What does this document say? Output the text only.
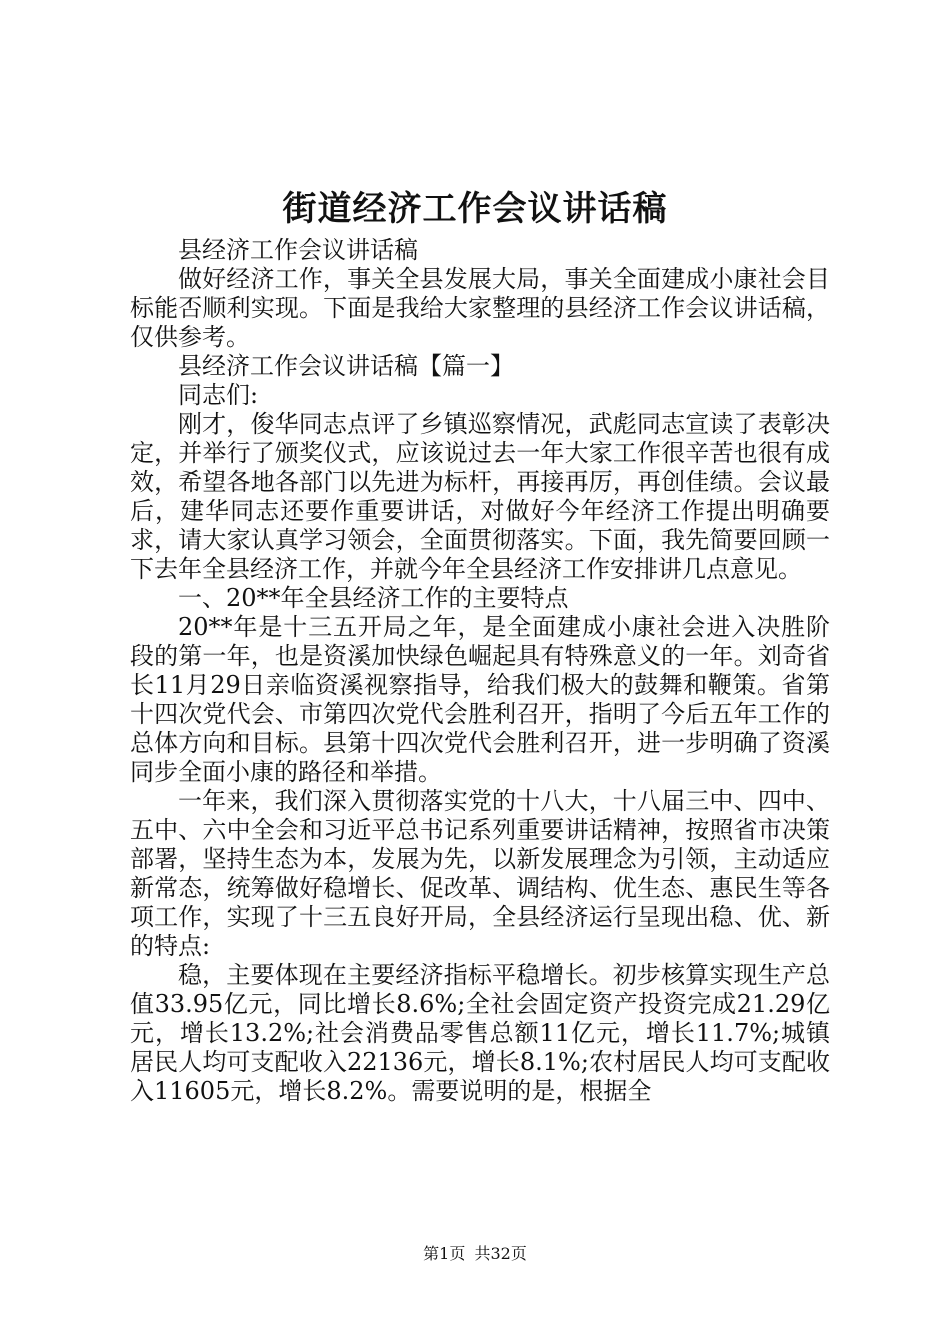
街道经济工作会议讲话稿

县经济工作会议讲话稿

做好经济工作，事关全县发展大局，事关全面建成小康社会目标能否顺利实现。下面是我给大家整理的县经济工作会议讲话稿，仅供参考。

县经济工作会议讲话稿【篇一】

同志们:

刚才，俊华同志点评了乡镇巡察情况，武彪同志宣读了表彰决定，并举行了颁奖仪式，应该说过去一年大家工作很辛苦也很有成效，希望各地各部门以先进为标杆，再接再厉，再创佳绩。会议最后，建华同志还要作重要讲话，对做好今年经济工作提出明确要求，请大家认真学习领会，全面贯彻落实。下面，我先简要回顾一下去年全县经济工作，并就今年全县经济工作安排讲几点意见。

一、20**年全县经济工作的主要特点

20**年是十三五开局之年，是全面建成小康社会进入决胜阶段的第一年，也是资溪加快绿色崛起具有特殊意义的一年。刘奇省长11月29日亲临资溪视察指导，给我们极大的鼓舞和鞭策。省第十四次党代会、市第四次党代会胜利召开，指明了今后五年工作的总体方向和目标。县第十四次党代会胜利召开，进一步明确了资溪同步全面小康的路径和举措。

一年来，我们深入贯彻落实党的十八大，十八届三中、四中、五中、六中全会和习近平总书记系列重要讲话精神，按照省市决策部署，坚持生态为本，发展为先，以新发展理念为引领，主动适应新常态，统筹做好稳增长、促改革、调结构、优生态、惠民生等各项工作，实现了十三五良好开局，全县经济运行呈现出稳、优、新的特点:

稳，主要体现在主要经济指标平稳增长。初步核算实现生产总值33.95亿元，同比增长8.6%;全社会固定资产投资完成21.29亿元，增长13.2%;社会消费品零售总额11亿元，增长11.7%;城镇居民人均可支配收入22136元，增长8.1%;农村居民人均可支配收入11605元，增长8.2%。需要说明的是，根据全

第1页 共32页
